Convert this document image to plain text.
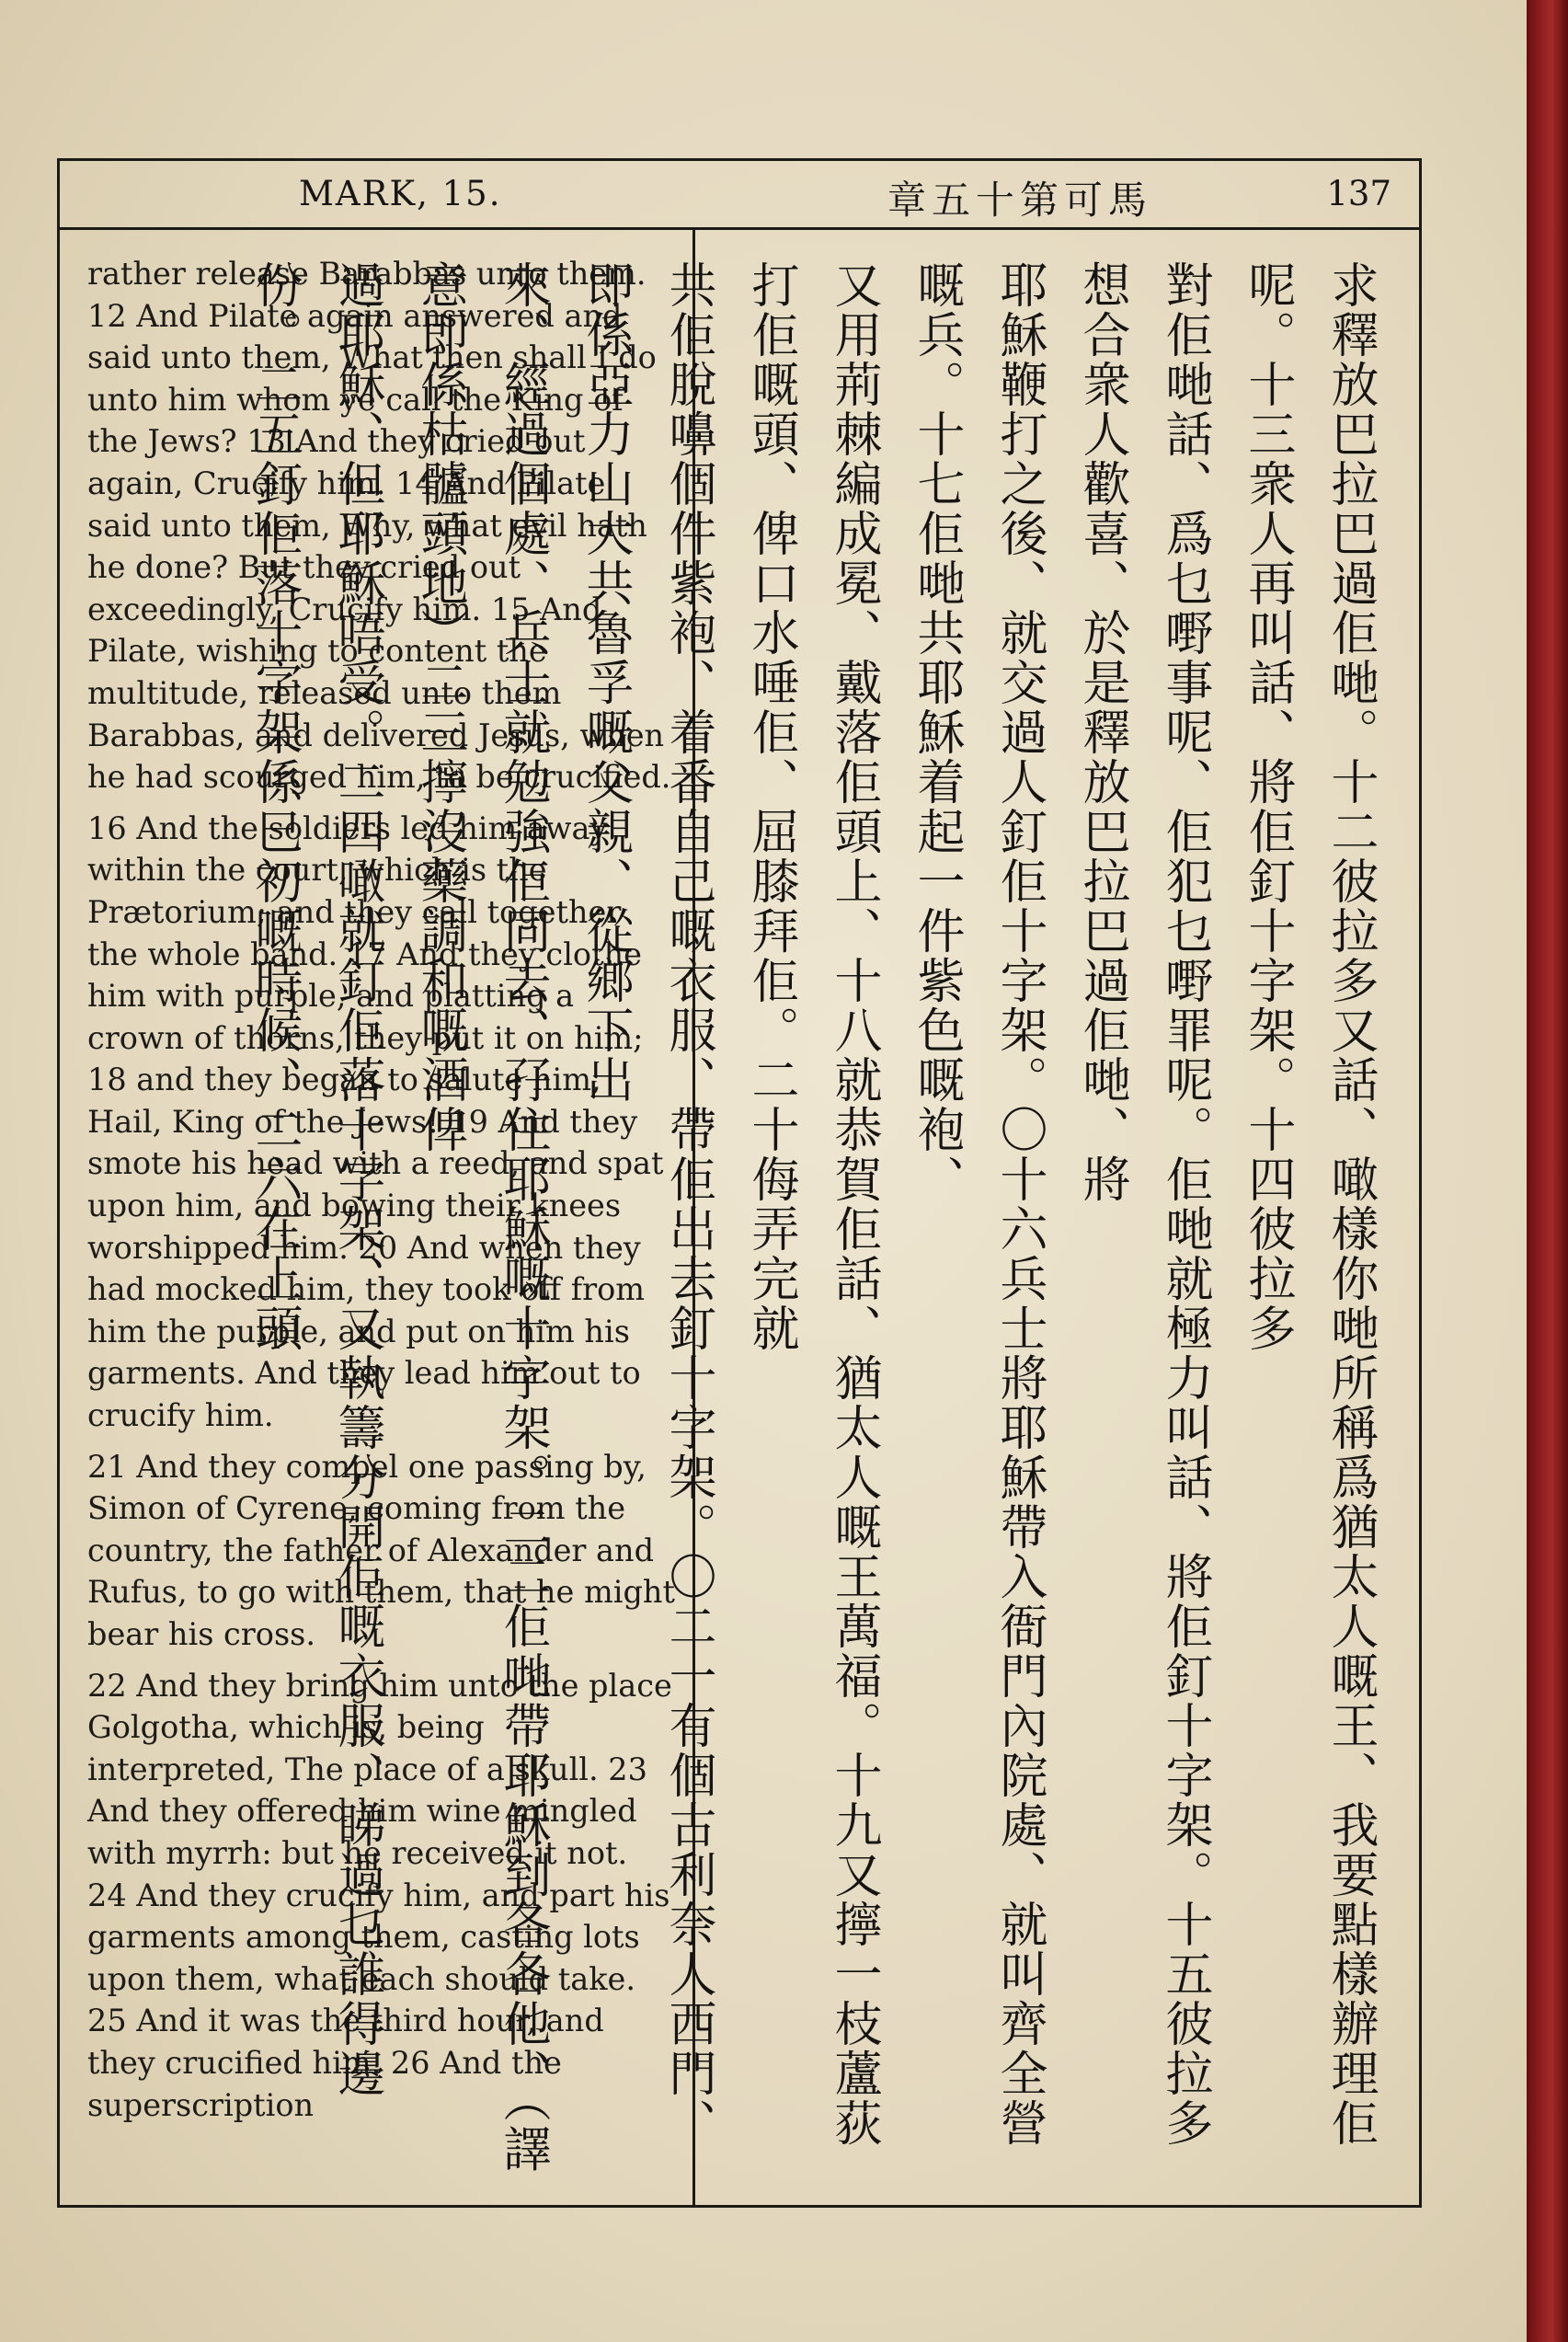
MARK, 15.	章五十第可馬	137

rather release Barabbas unto them. 12 And Pilate again answered and said unto them, What then shall I do unto him whom ye call the King of the Jews? 13 And they cried out again, Crucify him. 14 And Pilate said unto them, Why, what evil hath he done? But they cried out exceedingly, Crucify him. 15 And Pilate, wishing to content the multitude, released unto them Barabbas, and delivered Jesus, when he had scourged him, to be crucified.

16 And the soldiers led him away within the court, which is the Prætorium; and they call together the whole band. 17 And they clothe him with purple, and platting a crown of thorns, they put it on him; 18 and they began to salute him, Hail, King of the Jews! 19 And they smote his head with a reed, and spat upon him, and bowing their knees worshipped him. 20 And when they had mocked him, they took off from him the purple, and put on him his garments. And they lead him out to crucify him.

21 And they compel one passing by, Simon of Cyrene, coming from the country, the father of Alexander and Rufus, to go with them, that he might bear his cross.

22 And they bring him unto the place Golgotha, which is, being interpreted, The place of a skull. 23 And they offered him wine mingled with myrrh: but he received it not. 24 And they crucify him, and part his garments among them, casting lots upon them, what each should take. 25 And it was the third hour, and they crucified him. 26 And the superscription	求釋放巴拉巴過佢哋。十二彼拉多又話、噉樣你哋所稱爲猶太人嘅王、我要點樣辦理佢呢。十三衆人再叫話、將佢釘十字架。十四彼拉多

對佢哋話、爲乜嘢事呢、佢犯乜嘢罪呢。佢哋就極力叫話、將佢釘十字架。十五彼拉多想合衆人歡喜、於是釋放巴拉巴過佢哋、將

耶穌鞭打之後、就交過人釘佢十字架。〇十六兵士將耶穌帶入衙門內院處、就叫齊全營嘅兵。十七佢哋共耶穌着起一件紫色嘅袍、

又用荊棘編成冕、戴落佢頭上、十八就恭賀佢話、猶太人嘅王萬福。十九又擰一枝蘆荻打佢嘅頭、俾口水唾佢、屈膝拜佢。二十侮弄完就

共佢脫嚊個件紫袍、着番自己嘅衣服、帶佢出去釘十字架。〇二一有個古利奈人西門、即係亞力山大共魯孚嘅父親、從鄉下出

來、經過個處、兵士就勉強佢同去、孖住耶穌嘅十字架。二二佢哋帶耶穌到各各他、（譯意即係枯髗頭地）二三擰沒藥調和嘅酒俾

過耶穌、但耶穌唔受。二四噉就釘佢落十字架、又執籌分開佢嘅衣服、睇過乜誰得邊份。二五釘佢落十字架係巳初嘅時候、二六在上頭
